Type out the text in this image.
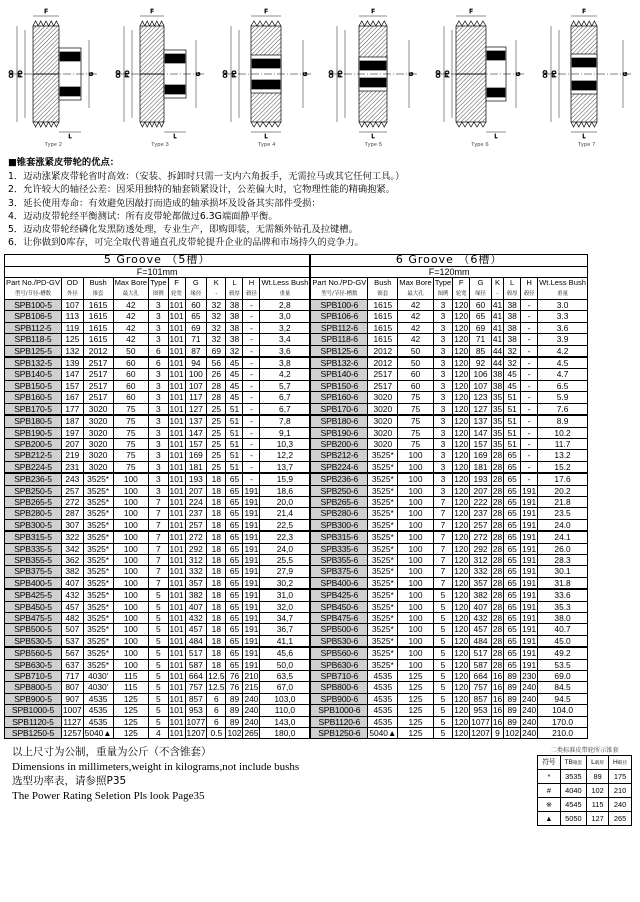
F
OD PD	G
L
Type 2
F
OD PD	G
L
Type 3
F
OD PD	G
L
Type 4
F
OD PD	G
L
Type 5
F
OD PD	G
L
Type 6
F
OD PD	G
L
Type 7
■锥套涨紧皮带轮的优点：
1．迈动涨紧皮带轮省时高效：（安装、拆卸时只需一支内六角扳手，无需拉马或其它任何工具。）
2．允许较大的轴径公差：因采用独特的轴套锁紧设计，公差偏大时，它物理性能的精确抱紧。
3．延长使用寿命：有效避免因敲打而造成的轴承损坏及设备其实部件受损：
4．迈动皮带轮经平衡测试：所有皮带轮都做过6.3G端面静平衡。
5．迈动皮带轮经磷化发黑防透处理，专业生产，即购即装，无需额外钻孔及拉键槽。
6．让你做到0库存，可完全取代普通直孔皮带轮提升企业的品牌和市场持久的竞争力。
5 Groove （5槽）										
F=101mm										

Part No./PD-GV
型号/节径-槽数	OD
外径	Bush
锥套	Max Bore
最大孔	Type
图例	F
轮宽	G
缘径	K
-	L
毂厚	H
毂径	Wt.Less Bush
重量

SPB100-5	107	1615	42	3	101	60	32	38	-	2,8
SPB106-5	113	1615	42	3	101	65	32	38	-	3,0
SPB112-5	119	1615	42	3	101	69	32	38	-	3,2
SPB118-5	125	1615	42	3	101	71	32	38	-	3,4
SPB125-5	132	2012	50	6	101	87	69	32	-	3,6
SPB132-5	139	2517	60	6	101	94	56	45	-	3,8
SPB140-5	147	2517	60	3	101	100	26	45	-	4,2
SPB150-5	157	2517	60	3	101	107	28	45	-	5,7
SPB160-5	167	2517	60	3	101	117	28	45	-	6,7
SPB170-5	177	3020	75	3	101	127	25	51	-	6,7
SPB180-5	187	3020	75	3	101	137	25	51	-	7,8
SPB190-5	197	3020	75	3	101	147	25	51	-	9,1
SPB200-5	207	3020	75	3	101	157	25	51	-	10,3
SPB212-5	219	3020	75	3	101	169	25	51	-	12,2
SPB224-5	231	3020	75	3	101	181	25	51	-	13,7
SPB236-5	243	3525*	100	3	101	193	18	65	-	15,9
SPB250-5	257	3525*	100	3	101	207	18	65	191	18,6
SPB265-5	272	3525*	100	7	101	224	18	65	191	20,0
SPB280-5	287	3525*	100	7	101	237	18	65	191	21,4
SPB300-5	307	3525*	100	7	101	257	18	65	191	22,5
SPB315-5	322	3525*	100	7	101	272	18	65	191	22,3
SPB335-5	342	3525*	100	7	101	292	18	65	191	24,0
SPB355-5	362	3525*	100	7	101	312	18	65	191	25,5
SPB375-5	382	3525*	100	7	101	332	18	65	191	27,9
SPB400-5	407	3525*	100	7	101	357	18	65	191	30,2
SPB425-5	432	3525*	100	5	101	382	18	65	191	31,0
SPB450-5	457	3525*	100	5	101	407	18	65	191	32,0
SPB475-5	482	3525*	100	5	101	432	18	65	191	34,7
SPB500-5	507	3525*	100	5	101	457	18	65	191	36,7
SPB530-5	537	3525*	100	5	101	484	18	65	191	41,1
SPB560-5	567	3525*	100	5	101	517	18	65	191	45,6
SPB630-5	637	3525*	100	5	101	587	18	65	191	50,0
SPB710-5	717	4030'	115	5	101	664	12.5	76	210	63,5
SPB800-5	807	4030'	115	5	101	757	12.5	76	215	67,0
SPB900-5	907	4535	125	5	101	857	6	89	240	103,0
SPB1000-5	1007	4535	125	5	101	953	6	89	240	110,0
SPB1120-5	1127	4535	125	5	101	1077	6	89	240	143,0
SPB1250-5	1257	5040▲	125	4	101	1207	0.5	102	265	180,0
6 Groove （6槽）									
F=120mm									

Part No./PD-GV
型号/节径-槽数	Bush
锥套	Max Bore
最大孔	Type
图例	F
轮宽	G
缘径	K
-	L
毂厚	H
毂径	Wt.Less Bush
重量

SPB100-6	1615	42	3	120	60	41	38	-	3.0
SPB106-6	1615	42	3	120	65	41	38	-	3.3
SPB112-6	1615	42	3	120	69	41	38	-	3.6
SPB118-6	1615	42	3	120	71	41	38	-	3.9
SPB125-6	2012	50	3	120	85	44	32	-	4.2
SPB132-6	2012	50	3	120	92	44	32	-	4.5
SPB140-6	2517	60	3	120	106	38	45	-	4.7
SPB150-6	2517	60	3	120	107	38	45	-	6.5
SPB160-6	3020	75	3	120	123	35	51	-	5.9
SPB170-6	3020	75	3	120	127	35	51	-	7.6
SPB180-6	3020	75	3	120	137	35	51	-	8.9
SPB190-6	3020	75	3	120	147	35	51	-	10.2
SPB200-6	3020	75	3	120	157	35	51	-	11.7
SPB212-6	3525*	100	3	120	169	28	65	-	13.2
SPB224-6	3525*	100	3	120	181	28	65	-	15.2
SPB236-6	3525*	100	3	120	193	28	65	-	17.6
SPB250-6	3525*	100	3	120	207	28	65	191	20.2
SPB265-6	3525*	100	7	120	222	28	65	191	21.8
SPB280-6	3525*	100	7	120	237	28	65	191	23.5
SPB300-6	3525*	100	7	120	257	28	65	191	24.0
SPB315-6	3525*	100	7	120	272	28	65	191	24.1
SPB335-6	3525*	100	7	120	292	28	65	191	26.0
SPB355-6	3525*	100	7	120	312	28	65	191	28.3
SPB375-6	3525*	100	7	120	332	28	65	191	30.1
SPB400-6	3525*	100	7	120	357	28	65	191	31.8
SPB425-6	3525*	100	5	120	382	28	65	191	33.6
SPB450-6	3525*	100	5	120	407	28	65	191	35.3
SPB475-6	3525*	100	5	120	432	28	65	191	38.0
SPB500-6	3525*	100	5	120	457	28	65	191	40.7
SPB530-6	3525*	100	5	120	484	28	65	191	45.0
SPB560-6	3525*	100	5	120	517	28	65	191	49.2
SPB630-6	3525*	100	5	120	587	28	65	191	53.5
SPB710-6	4535	125	5	120	664	16	89	230	69.0
SPB800-6	4535	125	5	120	757	16	89	240	84.5
SPB900-6	4535	125	5	120	857	16	89	240	94.5
SPB1000-6	4535	125	5	120	953	16	89	240	104.0
SPB1120-6	4535	125	5	120	1077	16	89	240	170.0
SPB1250-6	5040▲	125	5	120	1207	9	102	240	210.0
以上尺寸为公制，重量为公斤（不含锥套）
Dimensions in millimeters,weight in kilograms,not include bushs
选型功率表，请参照P35
The Power Rating Seletion Pls look Page35
二类标准皮带轮所示锥套
符号	TB锥套	L毂厚	H毂径
*	3535	89	175
#	4040	102	210
※	4545	115	240
▲	5050	127	265
